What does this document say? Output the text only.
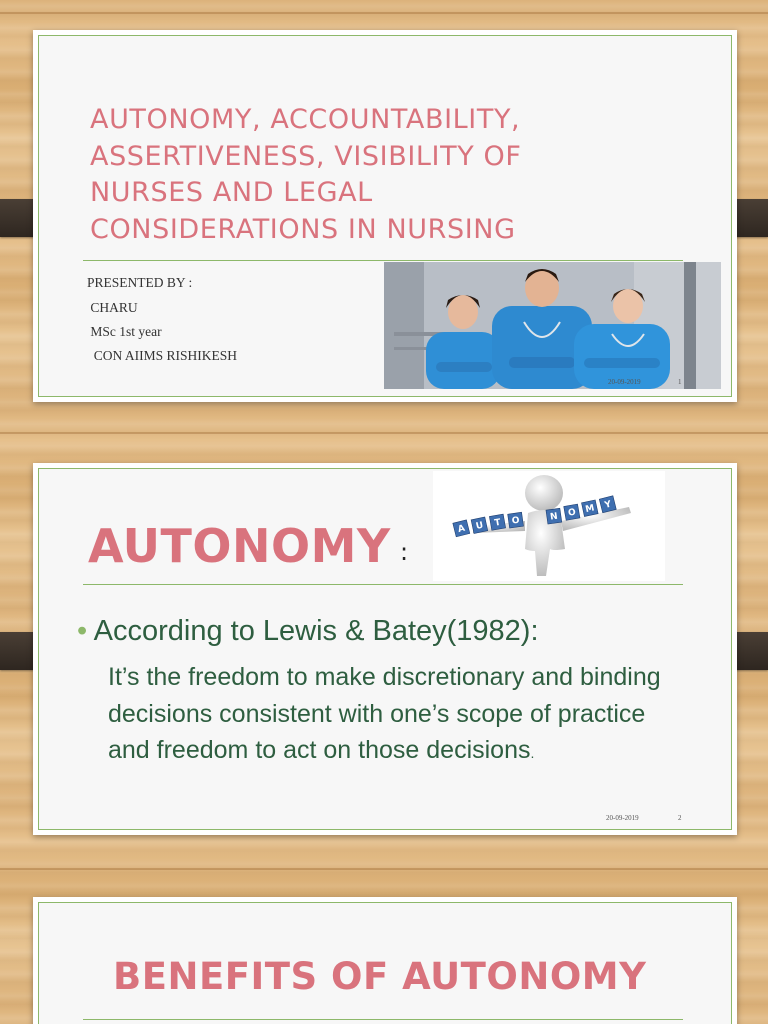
AUTONOMY, ACCOUNTABILITY,
ASSERTIVENESS, VISIBILITY OF
NURSES AND LEGAL
CONSIDERATIONS IN NURSING
PRESENTED BY :
CHARU
MSc 1st year
CON AIIMS RISHIKESH
20-09-2019	1
AUTONOMY :
A U T O	N O M Y
• According to Lewis & Batey(1982):
It’s the freedom to make discretionary and binding decisions consistent with one’s scope of practice and freedom to act on those decisions.
20-09-2019	2
BENEFITS OF AUTONOMY
